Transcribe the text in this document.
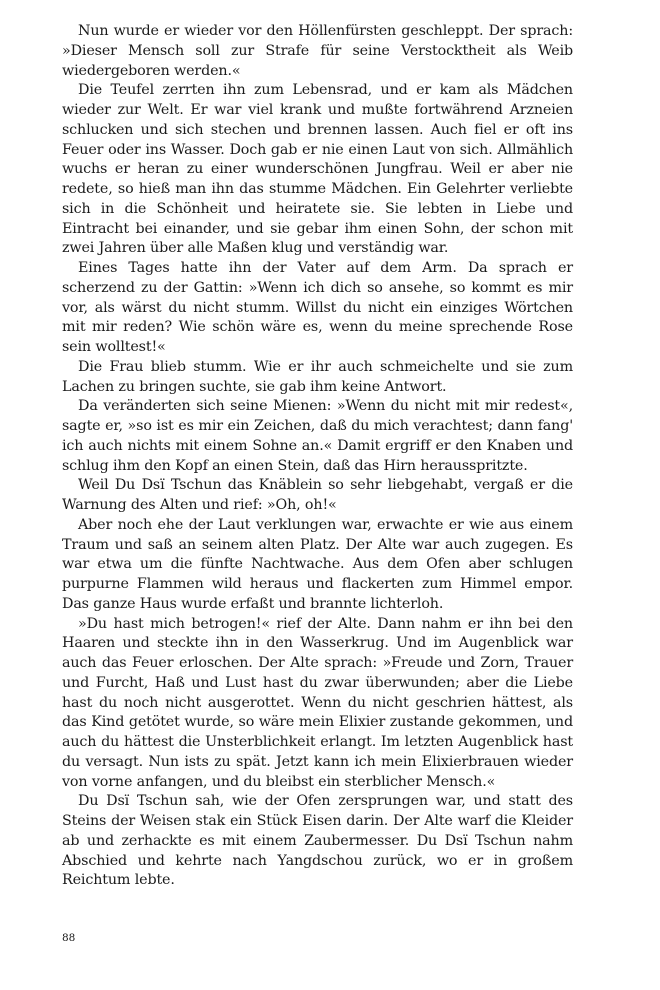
Nun wurde er wieder vor den Höllenfürsten geschleppt. Der sprach: »Dieser Mensch soll zur Strafe für seine Verstocktheit als Weib wiedergeboren werden.«

Die Teufel zerrten ihn zum Lebensrad, und er kam als Mädchen wieder zur Welt. Er war viel krank und mußte fortwährend Arzneien schlucken und sich stechen und brennen lassen. Auch fiel er oft ins Feuer oder ins Wasser. Doch gab er nie einen Laut von sich. Allmählich wuchs er heran zu einer wunderschönen Jungfrau. Weil er aber nie redete, so hieß man ihn das stumme Mädchen. Ein Gelehrter verliebte sich in die Schönheit und heiratete sie. Sie lebten in Liebe und Eintracht bei einander, und sie gebar ihm einen Sohn, der schon mit zwei Jahren über alle Maßen klug und verständig war.

Eines Tages hatte ihn der Vater auf dem Arm. Da sprach er scherzend zu der Gattin: »Wenn ich dich so ansehe, so kommt es mir vor, als wärst du nicht stumm. Willst du nicht ein einziges Wörtchen mit mir reden? Wie schön wäre es, wenn du meine sprechende Rose sein wolltest!«

Die Frau blieb stumm. Wie er ihr auch schmeichelte und sie zum Lachen zu bringen suchte, sie gab ihm keine Antwort.

Da veränderten sich seine Mienen: »Wenn du nicht mit mir redest«, sagte er, »so ist es mir ein Zeichen, daß du mich verachtest; dann fang' ich auch nichts mit einem Sohne an.« Damit ergriff er den Knaben und schlug ihm den Kopf an einen Stein, daß das Hirn herausspritzte.

Weil Du Dsï Tschun das Knäblein so sehr liebgehabt, vergaß er die Warnung des Alten und rief: »Oh, oh!«

Aber noch ehe der Laut verklungen war, erwachte er wie aus einem Traum und saß an seinem alten Platz. Der Alte war auch zugegen. Es war etwa um die fünfte Nachtwache. Aus dem Ofen aber schlugen purpurne Flammen wild heraus und flackerten zum Himmel empor. Das ganze Haus wurde erfaßt und brannte lichterloh.

»Du hast mich betrogen!« rief der Alte. Dann nahm er ihn bei den Haaren und steckte ihn in den Wasserkrug. Und im Augenblick war auch das Feuer erloschen. Der Alte sprach: »Freude und Zorn, Trauer und Furcht, Haß und Lust hast du zwar überwunden; aber die Liebe hast du noch nicht ausgerottet. Wenn du nicht geschrien hättest, als das Kind getötet wurde, so wäre mein Elixier zustande gekommen, und auch du hättest die Unsterblichkeit erlangt. Im letzten Augenblick hast du versagt. Nun ists zu spät. Jetzt kann ich mein Elixierbrauen wieder von vorne anfangen, und du bleibst ein sterblicher Mensch.«

Du Dsï Tschun sah, wie der Ofen zersprungen war, und statt des Steins der Weisen stak ein Stück Eisen darin. Der Alte warf die Kleider ab und zerhackte es mit einem Zaubermesser. Du Dsï Tschun nahm Abschied und kehrte nach Yangdschou zurück, wo er in großem Reichtum lebte.

88
